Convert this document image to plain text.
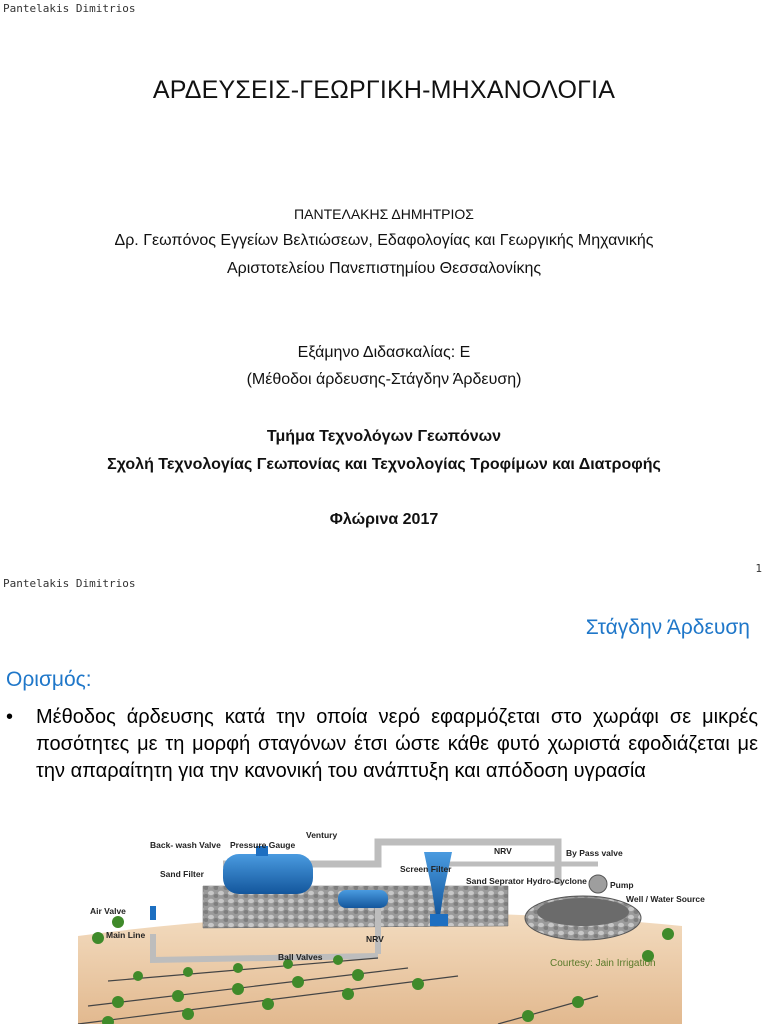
Pantelakis Dimitrios
ΑΡΔΕΥΣΕΙΣ-ΓΕΩΡΓΙΚΗ-ΜΗΧΑΝΟΛΟΓΙΑ
ΠΑΝΤΕΛΑΚΗΣ ΔΗΜΗΤΡΙΟΣ
Δρ. Γεωπόνος Εγγείων Βελτιώσεων, Εδαφολογίας και Γεωργικής Μηχανικής
Αριστοτελείου Πανεπιστημίου Θεσσαλονίκης
Εξάμηνο Διδασκαλίας: Ε
(Μέθοδοι άρδευσης-Στάγδην Άρδευση)
Τμήμα Τεχνολόγων Γεωπόνων
Σχολή Τεχνολογίας Γεωπονίας και Τεχνολογίας Τροφίμων και Διατροφής
Φλώρινα 2017
1
Pantelakis Dimitrios
Στάγδην Άρδευση
Ορισμός:
•	Μέθοδος άρδευσης κατά την οποία νερό εφαρμόζεται στο χωράφι σε μικρές ποσότητες με τη μορφή σταγόνων έτσι ώστε κάθε φυτό χωριστά εφοδιάζεται με την απαραίτητη για την κανονική του ανάπτυξη και απόδοση υγρασία
Back- wash Valve Pressure Gauge
Ventury
Sand Filter	Screen Filter
NRV	By Pass valve
Sand Seprator Hydro-Cyclone	Pump
Well / Water Source
Air Valve
Main Line	NRV
Ball Valves
Courtesy: Jain Irrigation
